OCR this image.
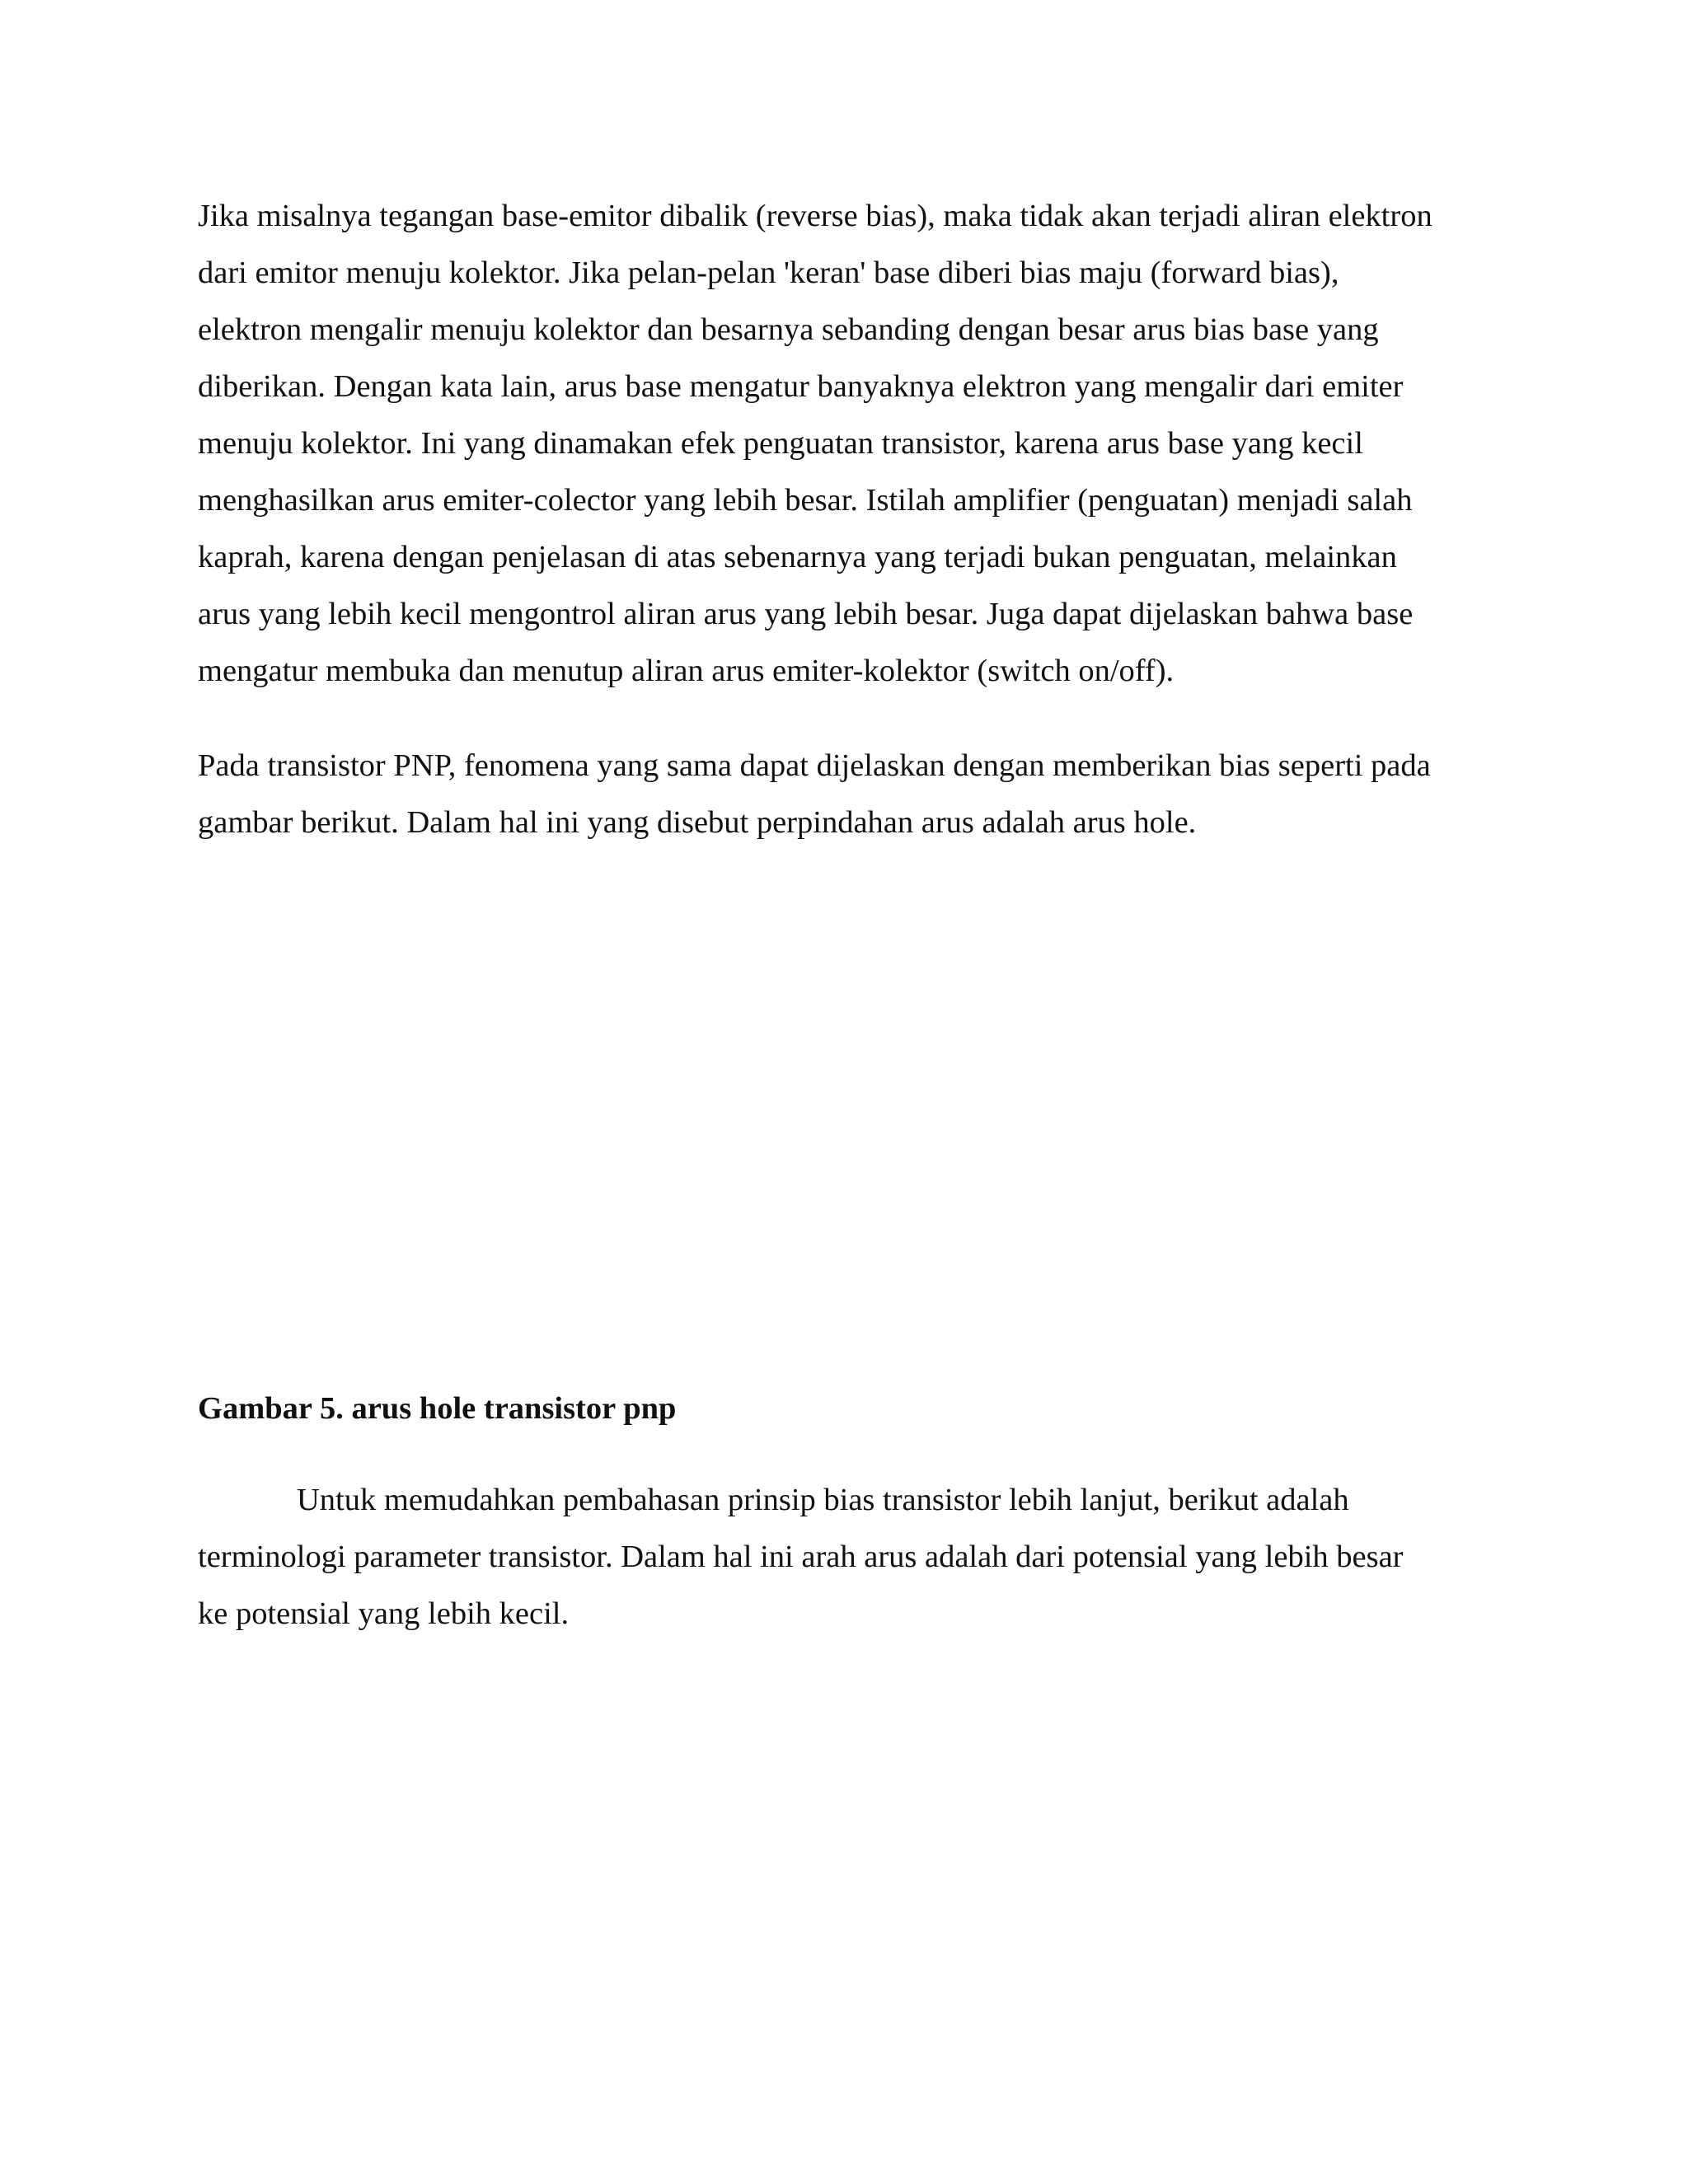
Jika misalnya tegangan base-emitor dibalik (reverse bias), maka tidak akan terjadi aliran elektron
dari emitor menuju kolektor. Jika pelan-pelan 'keran' base diberi bias maju (forward bias),
elektron mengalir menuju kolektor dan besarnya sebanding dengan besar arus bias base yang
diberikan. Dengan kata lain, arus base mengatur banyaknya elektron yang mengalir dari emiter
menuju kolektor. Ini yang dinamakan efek penguatan transistor, karena arus base yang kecil
menghasilkan arus emiter-colector yang lebih besar. Istilah amplifier (penguatan) menjadi salah
kaprah, karena dengan penjelasan di atas sebenarnya yang terjadi bukan penguatan, melainkan
arus yang lebih kecil mengontrol aliran arus yang lebih besar. Juga dapat dijelaskan bahwa base
mengatur membuka dan menutup aliran arus emiter-kolektor (switch on/off).

Pada transistor PNP, fenomena yang sama dapat dijelaskan dengan memberikan bias seperti pada
gambar berikut. Dalam hal ini yang disebut perpindahan arus adalah arus hole.

Gambar 5. arus hole transistor pnp

Untuk memudahkan pembahasan prinsip bias transistor lebih lanjut, berikut adalah
terminologi parameter transistor. Dalam hal ini arah arus adalah dari potensial yang lebih besar
ke potensial yang lebih kecil.
